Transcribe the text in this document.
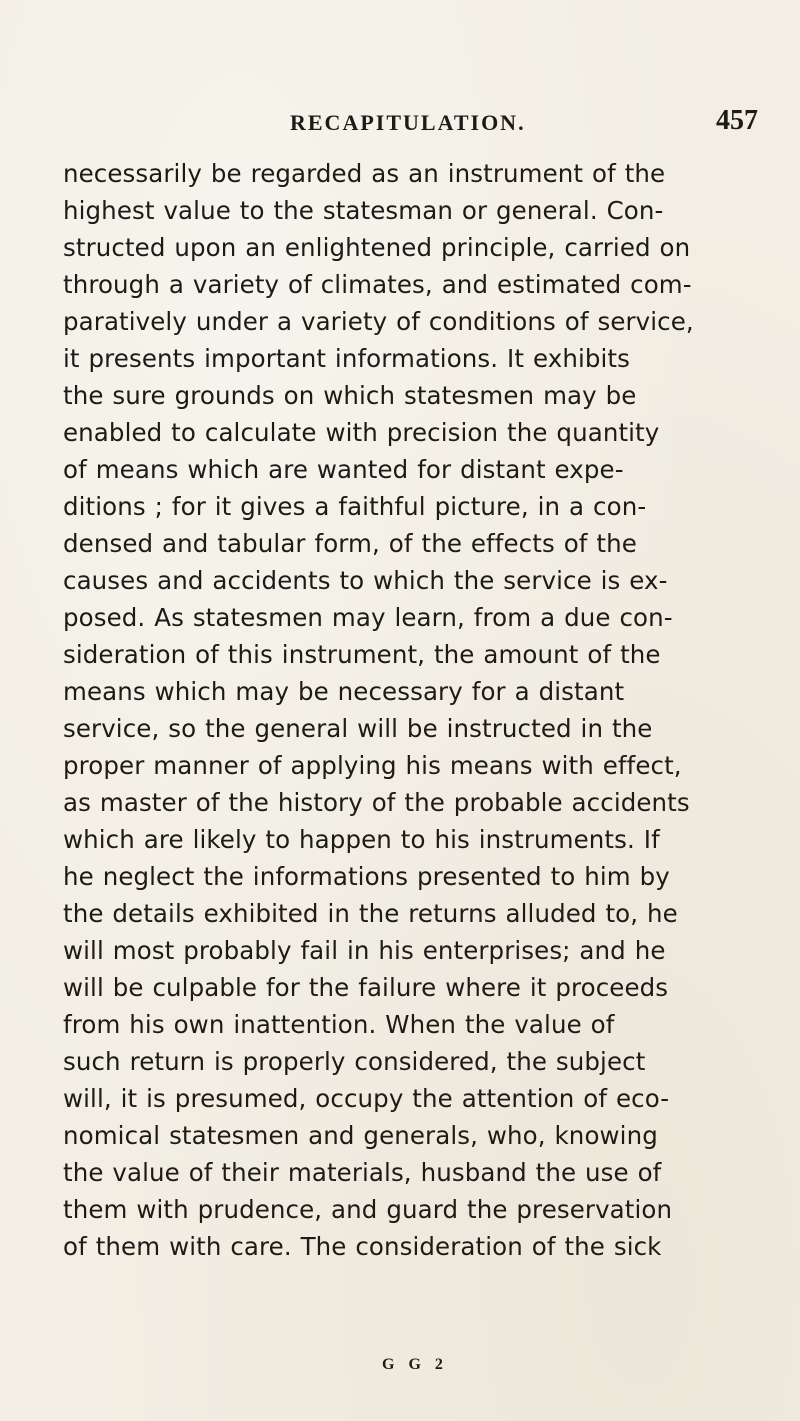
RECAPITULATION.	457
necessarily be regarded as an instrument of the
highest value to the statesman or general. Con-
structed upon an enlightened principle, carried on
through a variety of climates, and estimated com-
paratively under a variety of conditions of service,
it presents important informations. It exhibits
the sure grounds on which statesmen may be
enabled to calculate with precision the quantity
of means which are wanted for distant expe-
ditions ; for it gives a faithful picture, in a con-
densed and tabular form, of the effects of the
causes and accidents to which the service is ex-
posed. As statesmen may learn, from a due con-
sideration of this instrument, the amount of the
means which may be necessary for a distant
service, so the general will be instructed in the
proper manner of applying his means with effect,
as master of the history of the probable accidents
which are likely to happen to his instruments. If
he neglect the informations presented to him by
the details exhibited in the returns alluded to, he
will most probably fail in his enterprises; and he
will be culpable for the failure where it proceeds
from his own inattention. When the value of
such return is properly considered, the subject
will, it is presumed, occupy the attention of eco-
nomical statesmen and generals, who, knowing
the value of their materials, husband the use of
them with prudence, and guard the preservation
of them with care. The consideration of the sick
G G 2
